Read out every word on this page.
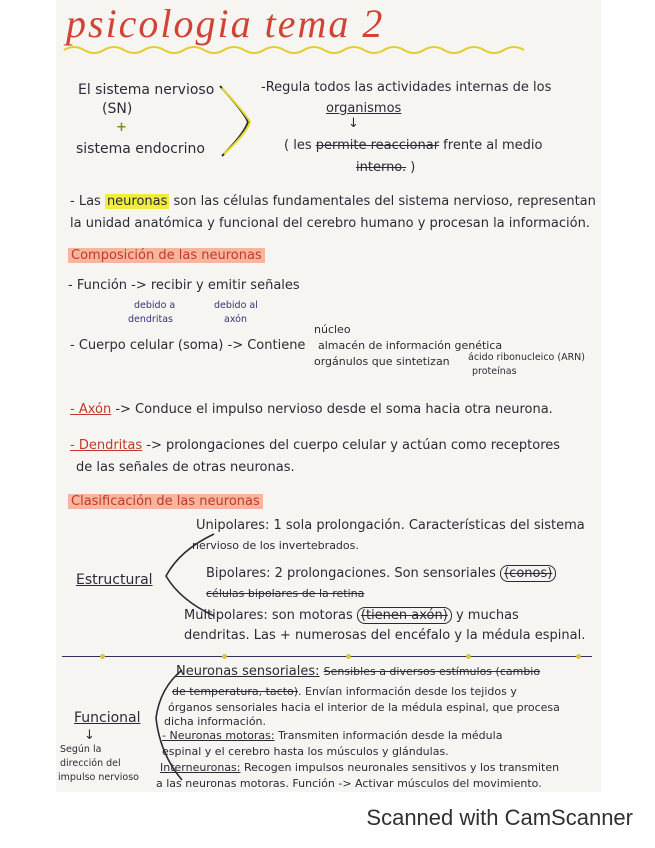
psicologia tema 2
El sistema nervioso
(SN)
+
sistema endocrino
-Regula todos las actividades internas de los
organismos
↓
( les permite reaccionar frente al medio
interno. )
- Las neuronas son las células fundamentales del sistema nervioso, representan
la unidad anatómica y funcional del cerebro humano y procesan la información.
Composición de las neuronas
- Función -> recibir y emitir señales
debido a
dendritas
debido al
axón
- Cuerpo celular (soma) -> Contiene
núcleo
almacén de información genética
orgánulos que sintetizan ácido ribonucleico (ARN)
proteínas
- Axón -> Conduce el impulso nervioso desde el soma hacia otra neurona.
- Dendritas -> prolongaciones del cuerpo celular y actúan como receptores
de las señales de otras neuronas.
Clasificación de las neuronas
Estructural
Unipolares: 1 sola prolongación. Características del sistema
nervioso de los invertebrados.
Bipolares: 2 prolongaciones. Son sensoriales (conos)
células bipolares de la retina
Multipolares: son motoras (tienen axón) y muchas
dendritas. Las + numerosas del encéfalo y la médula espinal.
Funcional
↓
Según la
dirección del
impulso nervioso
Neuronas sensoriales: Sensibles a diversos estímulos (cambio
de temperatura, tacto). Envían información desde los tejidos y
órganos sensoriales hacia el interior de la médula espinal, que procesa
dicha información.
- Neuronas motoras: Transmiten información desde la médula
espinal y el cerebro hasta los músculos y glándulas.
Interneuronas: Recogen impulsos neuronales sensitivos y los transmiten
a las neuronas motoras. Función -> Activar músculos del movimiento.
Scanned with CamScanner
